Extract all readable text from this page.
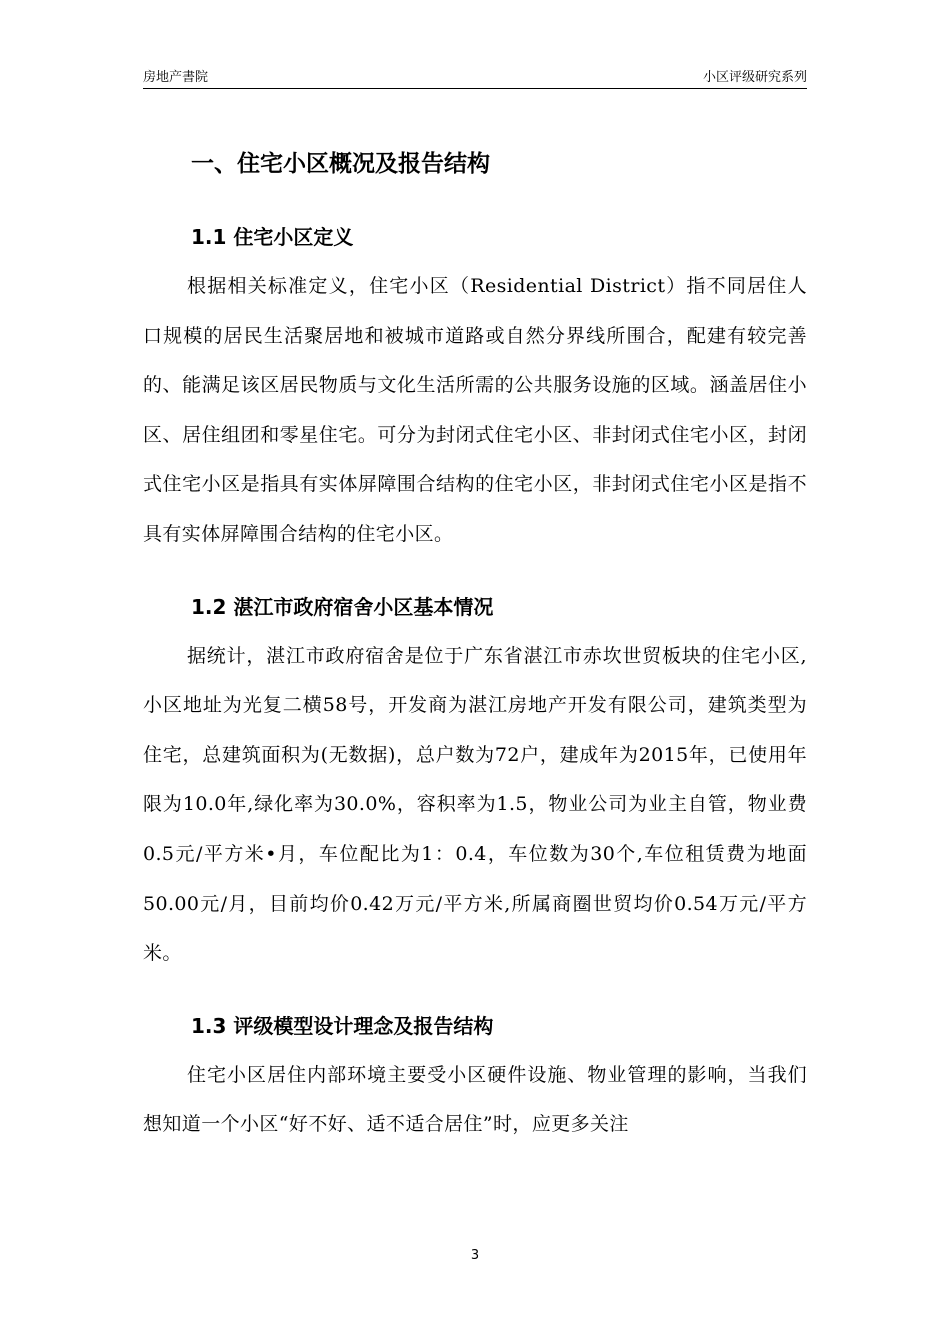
房地产書院	小区评级研究系列
一、住宅小区概况及报告结构
1.1 住宅小区定义

根据相关标准定义，住宅小区（Residential District）指不同居住人口规模的居民生活聚居地和被城市道路或自然分界线所围合，配建有较完善的、能满足该区居民物质与文化生活所需的公共服务设施的区域。涵盖居住小区、居住组团和零星住宅。可分为封闭式住宅小区、非封闭式住宅小区，封闭式住宅小区是指具有实体屏障围合结构的住宅小区，非封闭式住宅小区是指不具有实体屏障围合结构的住宅小区。

1.2 湛江市政府宿舍小区基本情况

据统计，湛江市政府宿舍是位于广东省湛江市赤坎世贸板块的住宅小区,小区地址为光复二横58号，开发商为湛江房地产开发有限公司，建筑类型为住宅，总建筑面积为(无数据)，总户数为72户，建成年为2015年，已使用年限为10.0年,绿化率为30.0%，容积率为1.5，物业公司为业主自管，物业费0.5元/平方米•月，车位配比为1：0.4，车位数为30个,车位租赁费为地面50.00元/月，目前均价0.42万元/平方米,所属商圈世贸均价0.54万元/平方米。

1.3 评级模型设计理念及报告结构

住宅小区居住内部环境主要受小区硬件设施、物业管理的影响，当我们想知道一个小区“好不好、适不适合居住”时，应更多关注

3
